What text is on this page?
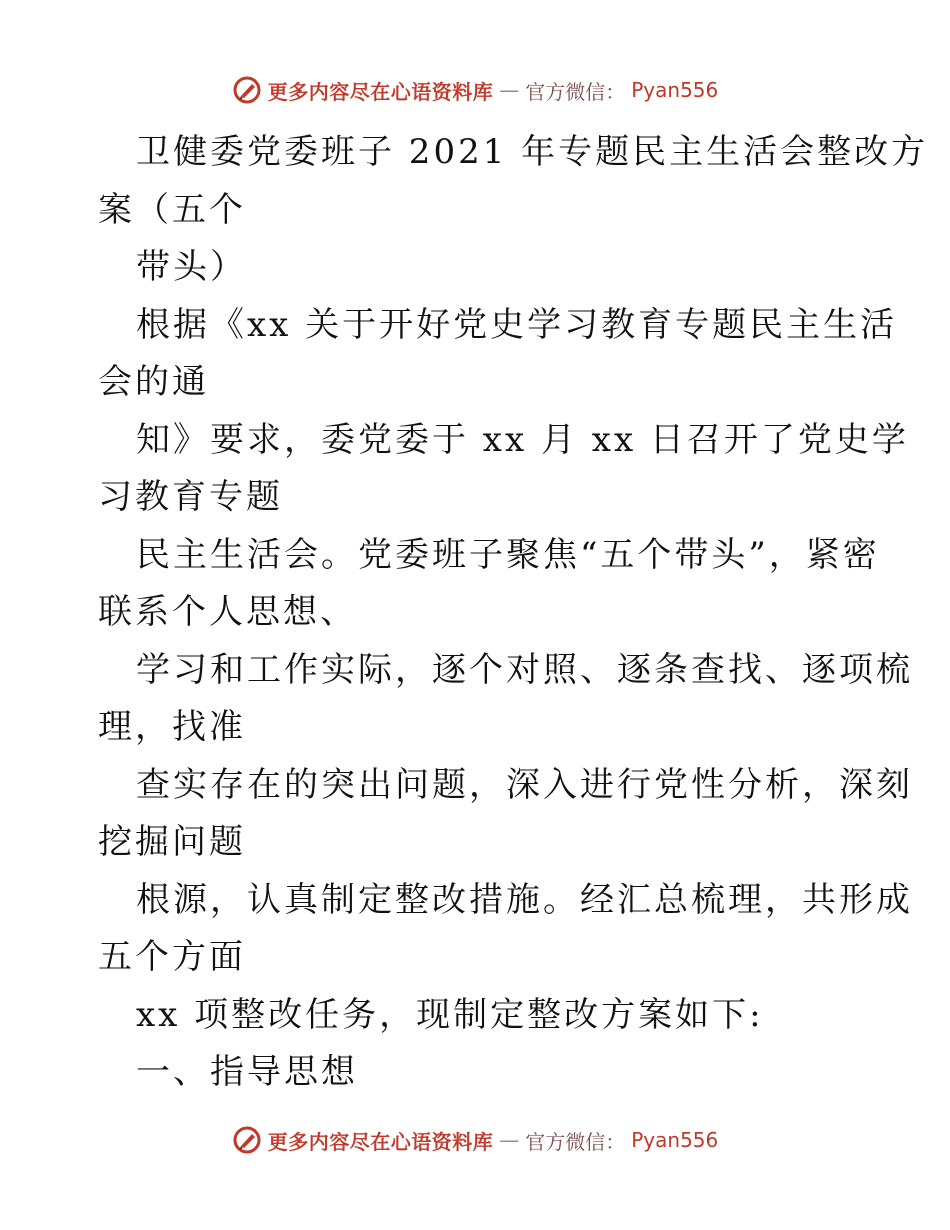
更多内容尽在心语资料库 — 官方微信： Pyan556
卫健委党委班子 2021 年专题民主生活会整改方
案（五个
带头）
根据《xx 关于开好党史学习教育专题民主生活
会的通
知》要求，委党委于 xx 月 xx 日召开了党史学
习教育专题
民主生活会。党委班子聚焦“五个带头”，紧密
联系个人思想、
学习和工作实际，逐个对照、逐条查找、逐项梳
理，找准
查实存在的突出问题，深入进行党性分析，深刻
挖掘问题
根源，认真制定整改措施。经汇总梳理，共形成
五个方面
xx 项整改任务，现制定整改方案如下:
一、指导思想
更多内容尽在心语资料库 — 官方微信： Pyan556
